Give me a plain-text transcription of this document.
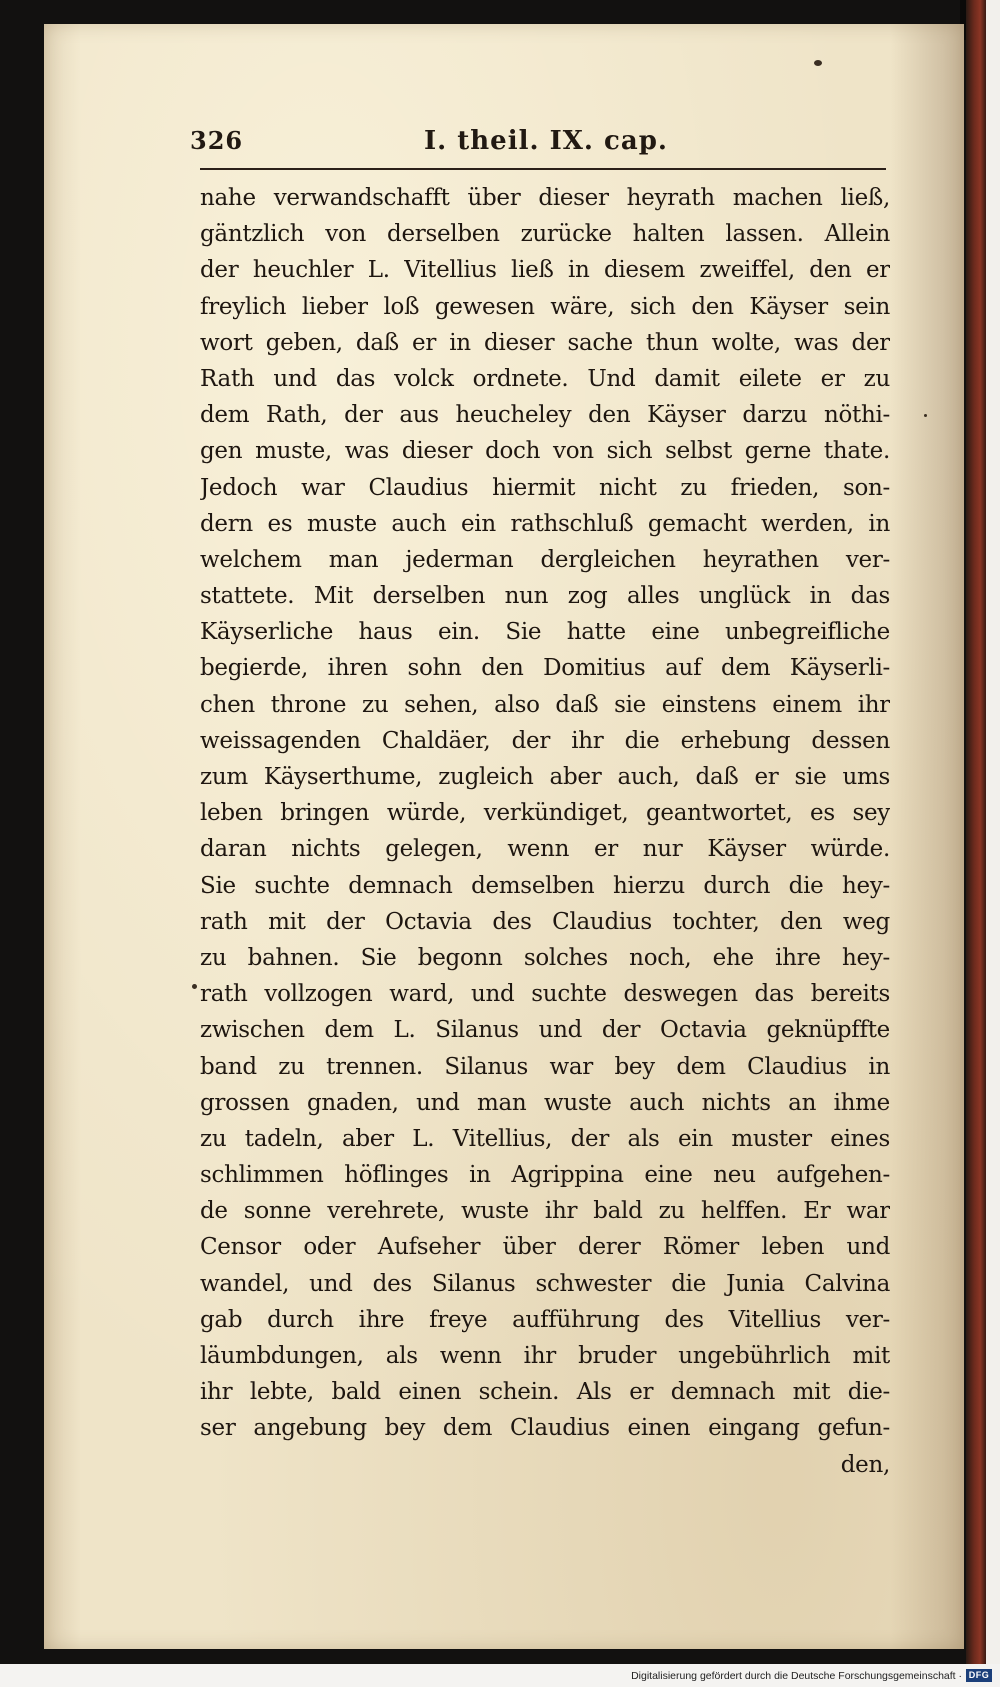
326	I. theil. IX. cap.
nahe verwandschafft über dieser heyrath machen ließ,
gäntzlich von derselben zurücke halten lassen. Allein
der heuchler L. Vitellius ließ in diesem zweiffel, den er
freylich lieber loß gewesen wäre, sich den Käyser sein
wort geben, daß er in dieser sache thun wolte, was der
Rath und das volck ordnete. Und damit eilete er zu
dem Rath, der aus heucheley den Käyser darzu nöthi-
gen muste, was dieser doch von sich selbst gerne thate.
Jedoch war Claudius hiermit nicht zu frieden, son-
dern es muste auch ein rathschluß gemacht werden, in
welchem man jederman dergleichen heyrathen ver-
stattete. Mit derselben nun zog alles unglück in das
Käyserliche haus ein. Sie hatte eine unbegreifliche
begierde, ihren sohn den Domitius auf dem Käyserli-
chen throne zu sehen, also daß sie einstens einem ihr
weissagenden Chaldäer, der ihr die erhebung dessen
zum Käyserthume, zugleich aber auch, daß er sie ums
leben bringen würde, verkündiget, geantwortet, es sey
daran nichts gelegen, wenn er nur Käyser würde.
Sie suchte demnach demselben hierzu durch die hey-
rath mit der Octavia des Claudius tochter, den weg
zu bahnen. Sie begonn solches noch, ehe ihre hey-
rath vollzogen ward, und suchte deswegen das bereits
zwischen dem L. Silanus und der Octavia geknüpffte
band zu trennen. Silanus war bey dem Claudius in
grossen gnaden, und man wuste auch nichts an ihme
zu tadeln, aber L. Vitellius, der als ein muster eines
schlimmen höflinges in Agrippina eine neu aufgehen-
de sonne verehrete, wuste ihr bald zu helffen. Er war
Censor oder Aufseher über derer Römer leben und
wandel, und des Silanus schwester die Junia Calvina
gab durch ihre freye aufführung des Vitellius ver-
läumbdungen, als wenn ihr bruder ungebührlich mit
ihr lebte, bald einen schein. Als er demnach mit die-
ser angebung bey dem Claudius einen eingang gefun-
den,
Digitalisierung gefördert durch die Deutsche Forschungsgemeinschaft · DFG
